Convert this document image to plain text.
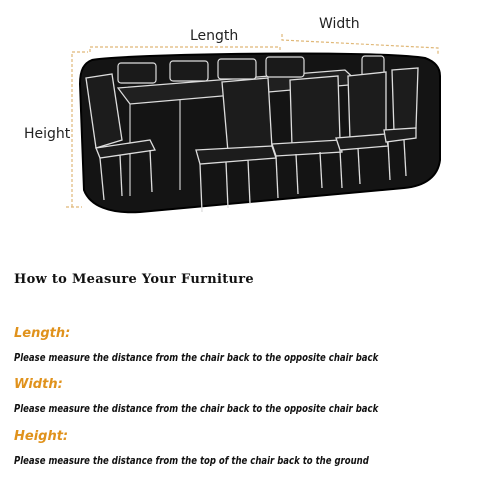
Length
Width
Height
How to Measure Your Furniture
Length:
Please measure the distance from the chair back to the opposite chair back
Width:
Please measure the distance from the chair back to the opposite chair back
Height:
Please measure the distance from the top of the chair back to the ground
